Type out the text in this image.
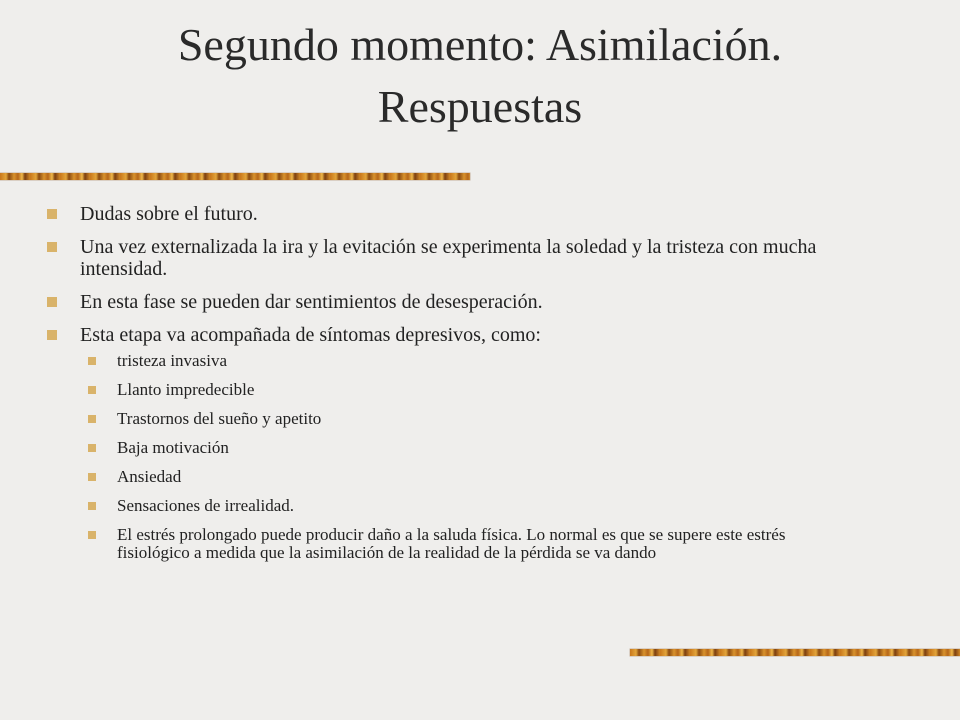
Segundo momento: Asimilación.
Respuestas
Dudas sobre el futuro.
Una vez externalizada la ira y la evitación se experimenta la soledad y la tristeza con mucha intensidad.
En esta fase se pueden dar sentimientos de desesperación.
Esta etapa va acompañada de síntomas depresivos, como:
tristeza invasiva
Llanto impredecible
Trastornos del sueño y apetito
Baja motivación
Ansiedad
Sensaciones de irrealidad.
El estrés prolongado puede producir daño a la saluda física. Lo normal es que se supere este estrés fisiológico a medida que la asimilación de la realidad de la pérdida se va dando
